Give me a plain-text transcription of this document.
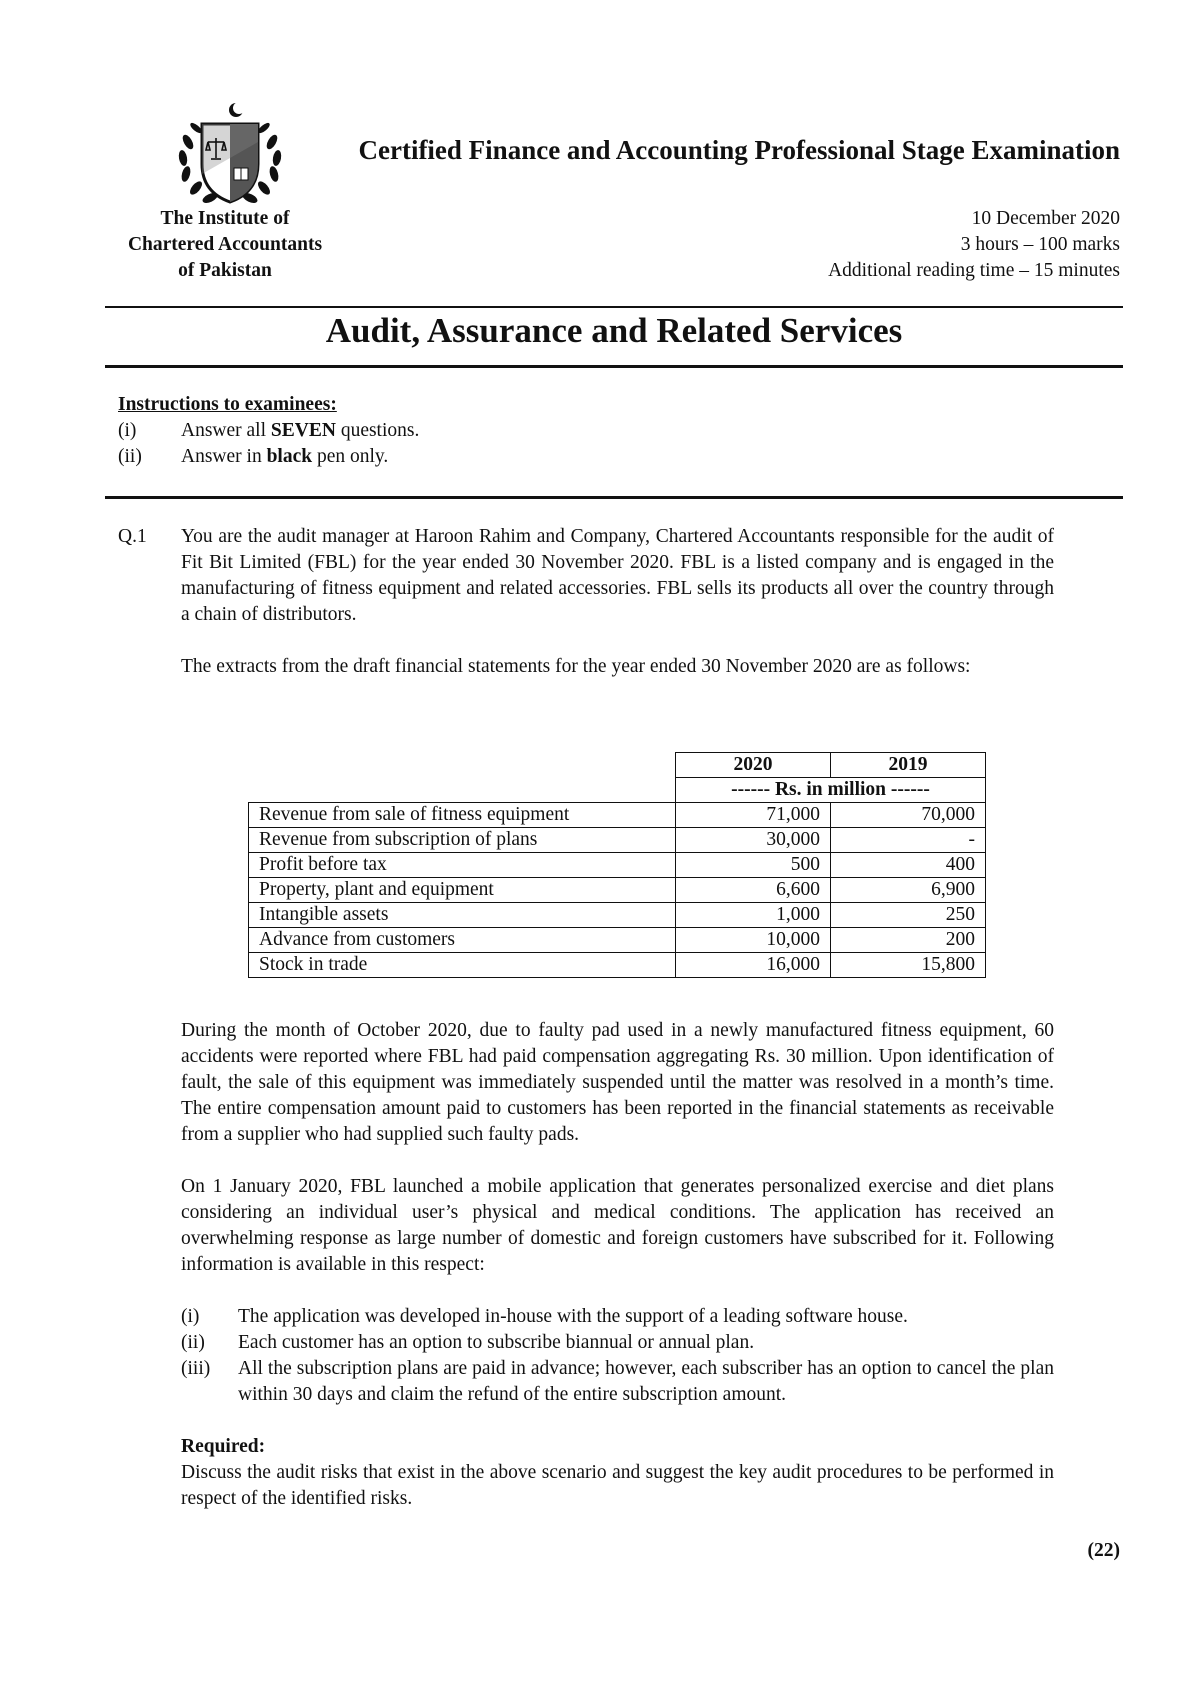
Certified Finance and Accounting Professional Stage Examination
The Institute of
Chartered Accountants
of Pakistan
10 December 2020
3 hours – 100 marks
Additional reading time – 15 minutes
Audit, Assurance and Related Services
Instructions to examinees:
(i)	Answer all SEVEN questions.
(ii)	Answer in black pen only.
Q.1 You are the audit manager at Haroon Rahim and Company, Chartered Accountants responsible for the audit of Fit Bit Limited (FBL) for the year ended 30 November 2020. FBL is a listed company and is engaged in the manufacturing of fitness equipment and related accessories. FBL sells its products all over the country through a chain of distributors.

The extracts from the draft financial statements for the year ended 30 November 2020 are as follows:

	2020	2019
	------ Rs. in million ------	
Revenue from sale of fitness equipment	71,000	70,000
Revenue from subscription of plans	30,000	-
Profit before tax	500	400
Property, plant and equipment	6,600	6,900
Intangible assets	1,000	250
Advance from customers	10,000	200
Stock in trade	16,000	15,800

During the month of October 2020, due to faulty pad used in a newly manufactured fitness equipment, 60 accidents were reported where FBL had paid compensation aggregating Rs. 30 million. Upon identification of fault, the sale of this equipment was immediately suspended until the matter was resolved in a month’s time. The entire compensation amount paid to customers has been reported in the financial statements as receivable from a supplier who had supplied such faulty pads.

On 1 January 2020, FBL launched a mobile application that generates personalized exercise and diet plans considering an individual user’s physical and medical conditions. The application has received an overwhelming response as large number of domestic and foreign customers have subscribed for it. Following information is available in this respect:

(i)	The application was developed in-house with the support of a leading software house.
(ii)	Each customer has an option to subscribe biannual or annual plan.
(iii)	All the subscription plans are paid in advance; however, each subscriber has an option to cancel the plan within 30 days and claim the refund of the entire subscription amount.
Required:
Discuss the audit risks that exist in the above scenario and suggest the key audit procedures to be performed in respect of the identified risks.
(22)
